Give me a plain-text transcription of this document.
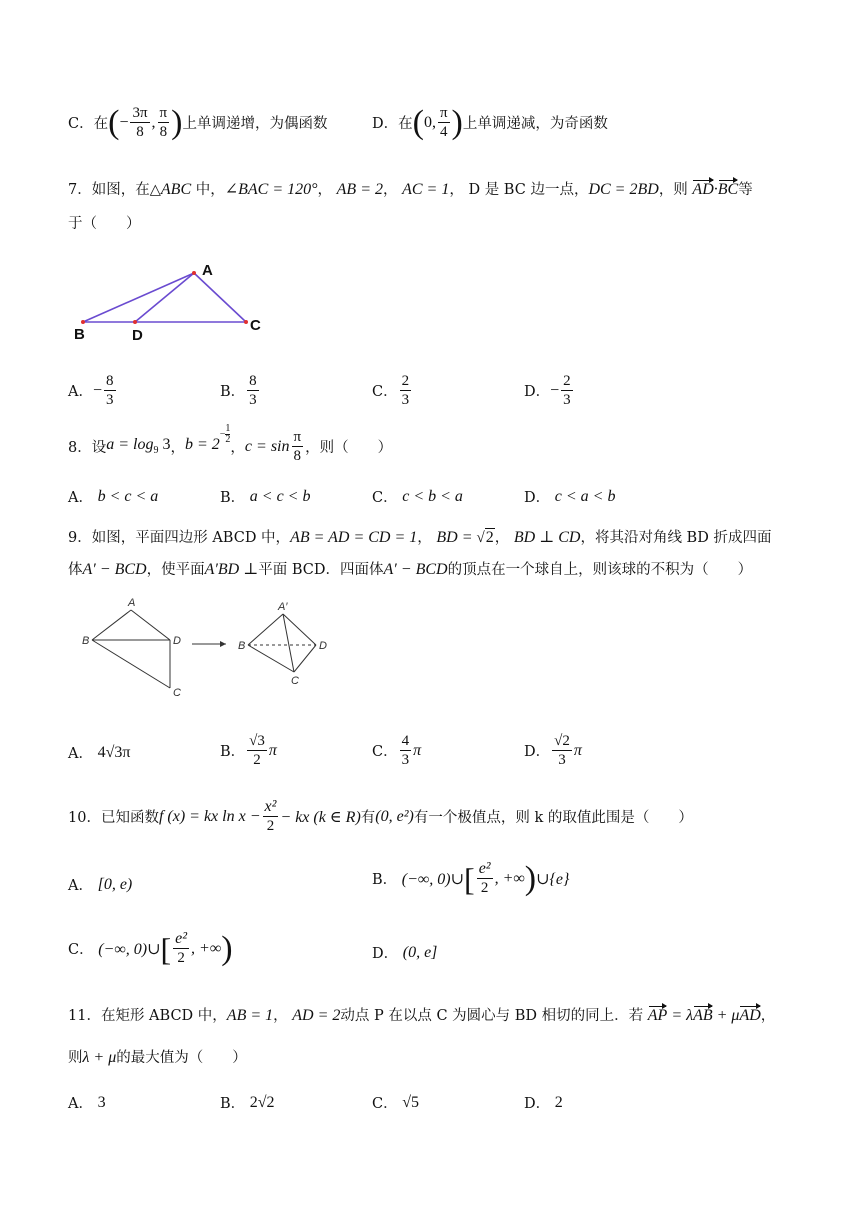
C．在 ( − $\frac{3\pi}{8}$ , $\frac{\pi}{8}$ ) 上单调递增，为偶函数	D．在 ( 0, $\frac{\pi}{4}$ ) 上单调递减，为奇函数
7．如图，在△ABC 中，∠BAC = 120°， AB = 2， AC = 1， D 是 BC 边一点，DC = 2BD，则 AD·BC等
于（　　）
A
B	D
C
A． − $\frac{8}{3}$	B． $\frac{8}{3}$	C． $\frac{2}{3}$	D． − $\frac{2}{3}$
8．设 $a = \log_9 3$ ， b = 2−
1
2
， $c = \sin \frac{\pi}{8}$ ，则（　　）
A．
b < c < a	B．
a < c < b	C．
c < b < a	D．
c < a < b
9．如图，平面四边形 ABCD 中，AB = AD = CD = 1， BD = √2， BD ⊥ CD，将其沿对角线 BD 折成四面
体A′ − BCD，使平面A′BD ⊥平面 BCD．四面体A′ − BCD的顶点在一个球自上，则该球的不积为（　　）
A
B	D
C
A′
B	D
C
A．
4√3π	B． $\frac{√3}{2}$ π	C． $\frac{4}{3}$ π	D． $\frac{√2}{3}$ π
10．已知函数 f (x) = kx $\ln x - \frac{\text{x²}}{2}$ − kx (k ∈ R) 有 (0, e²) 有一个极值点，则 k 的取值此围是（　　）
A．
[0, e)	B．
(−∞, 0)∪ [ $\frac{\text{e²}}{2}$ , +∞ ) ∪{e}
C．
(−∞, 0)∪ [ $\frac{\text{e²}}{2}$ , +∞ )	D．
(0, e]
11．在矩形 ABCD 中，AB = 1， AD = 2动点 P 在以点 C 为圆心与 BD 相切的同上．若 AP = λAB + μAD，
则λ + μ的最大值为（　　）
A．
3	B．
2√2	C．
√5	D．
2
